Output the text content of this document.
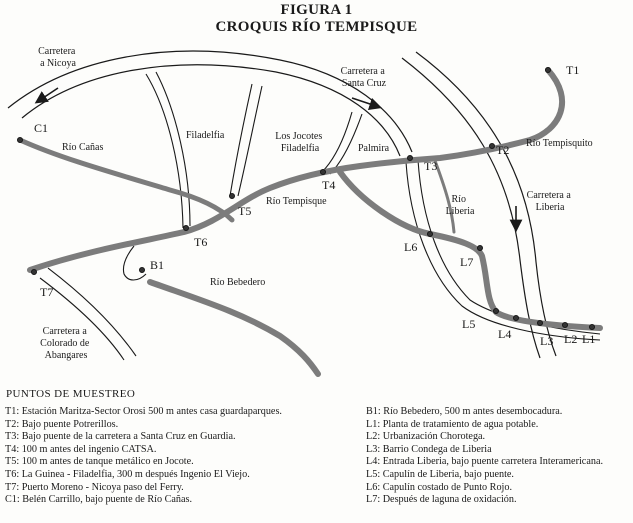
FIGURA 1
CROQUIS RÍO TEMPISQUE
Carretera a Nicoya
Carretera a Santa Cruz
Carretera a Liberia
Carretera a Colorado de Abangares
Filadelfia	Los Jocotes Filadelfia	Palmira
Río Cañas
Río Tempisque
Río Tempisquito
Río Liberia
Río Bebedero
T1
T2
T3
T4
T5
T6
T7
C1
B1
L1
L2
L3
L4
L5
L6
L7
PUNTOS DE MUESTREO
T1: Estación Maritza-Sector Orosi 500 m antes casa guardaparques.
T2: Bajo puente Potrerillos.
T3: Bajo puente de la carretera a Santa Cruz en Guardia.
T4: 100 m antes del ingenio CATSA.
T5: 100 m antes de tanque metálico en Jocote.
T6: La Guinea - Filadelfia, 300 m después Ingenio El Viejo.
T7: Puerto Moreno - Nicoya paso del Ferry.
C1: Belén Carrillo, bajo puente de Río Cañas.
B1: Río Bebedero, 500 m antes desembocadura.
L1: Planta de tratamiento de agua potable.
L2: Urbanización Chorotega.
L3: Barrio Condega de Liberia
L4: Entrada Liberia, bajo puente carretera Interamericana.
L5: Capulín de Liberia, bajo puente.
L6: Capulín costado de Punto Rojo.
L7: Después de laguna de oxidación.
